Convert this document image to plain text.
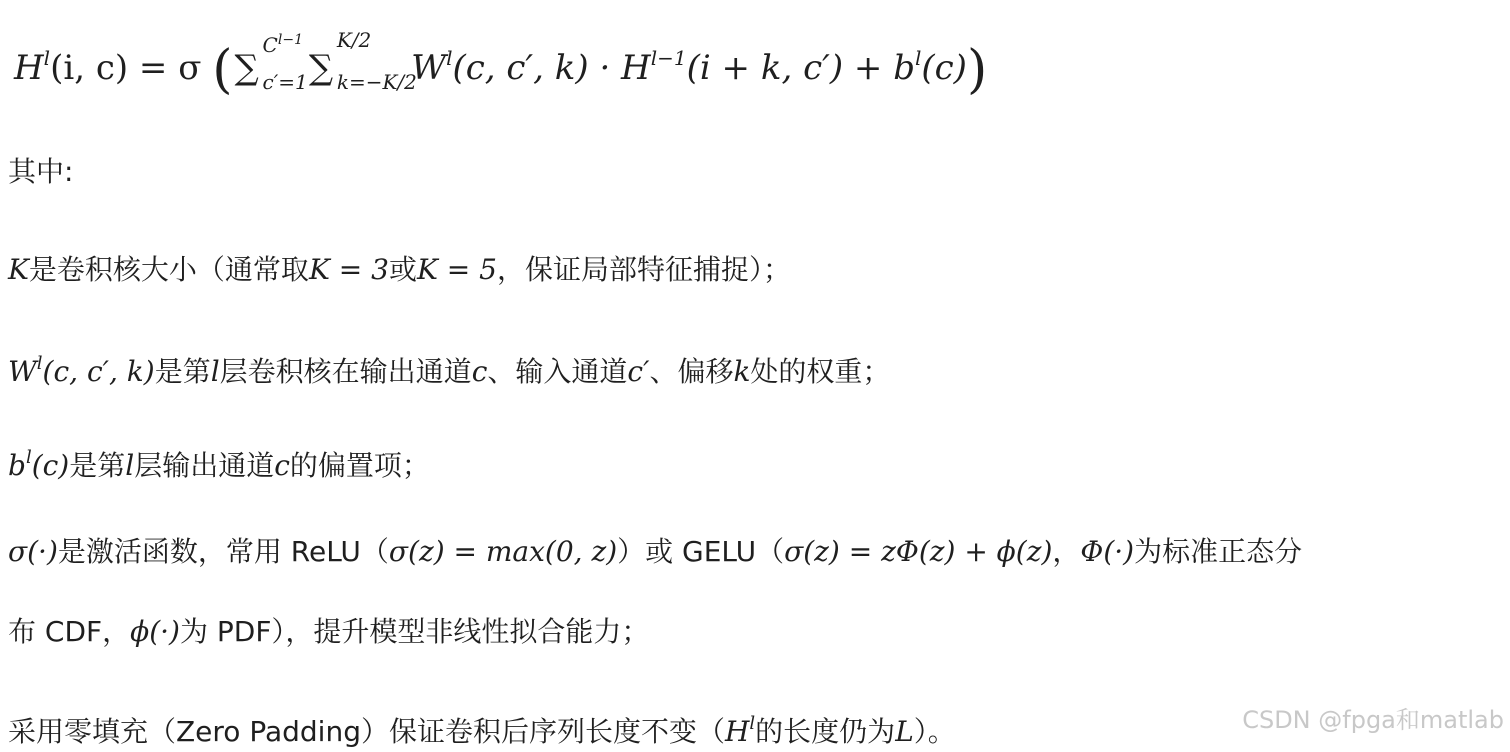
$H^l(i$, c) = σ (∑
$C^{l-1}$
c′=1 ∑
K/2
k=−K/2
$W^l(c$, c′, $k) \cdot H^{l-1}(i + k$, $c') + b^l(c)$)
其中:
K是卷积核大小（通常取K = 3或K = 5，保证局部特征捕捉）；
$W^l(c$, c′, k)是第l层卷积核在输出通道c、输入通道c′、偏移k处的权重；
$b^l(c)$是第l层输出通道c的偏置项；
σ(·)是激活函数，常用 ReLU（σ(z) = max(0, z)）或 GELU（σ(z) = zΦ(z) + ϕ(z)，Φ(·)为标准正态分
布 CDF，ϕ(·)为 PDF），提升模型非线性拟合能力；
采用零填充（Zero Padding）保证卷积后序列长度不变（$H^l$的长度仍为L）。	CSDN @fpga和matlab
